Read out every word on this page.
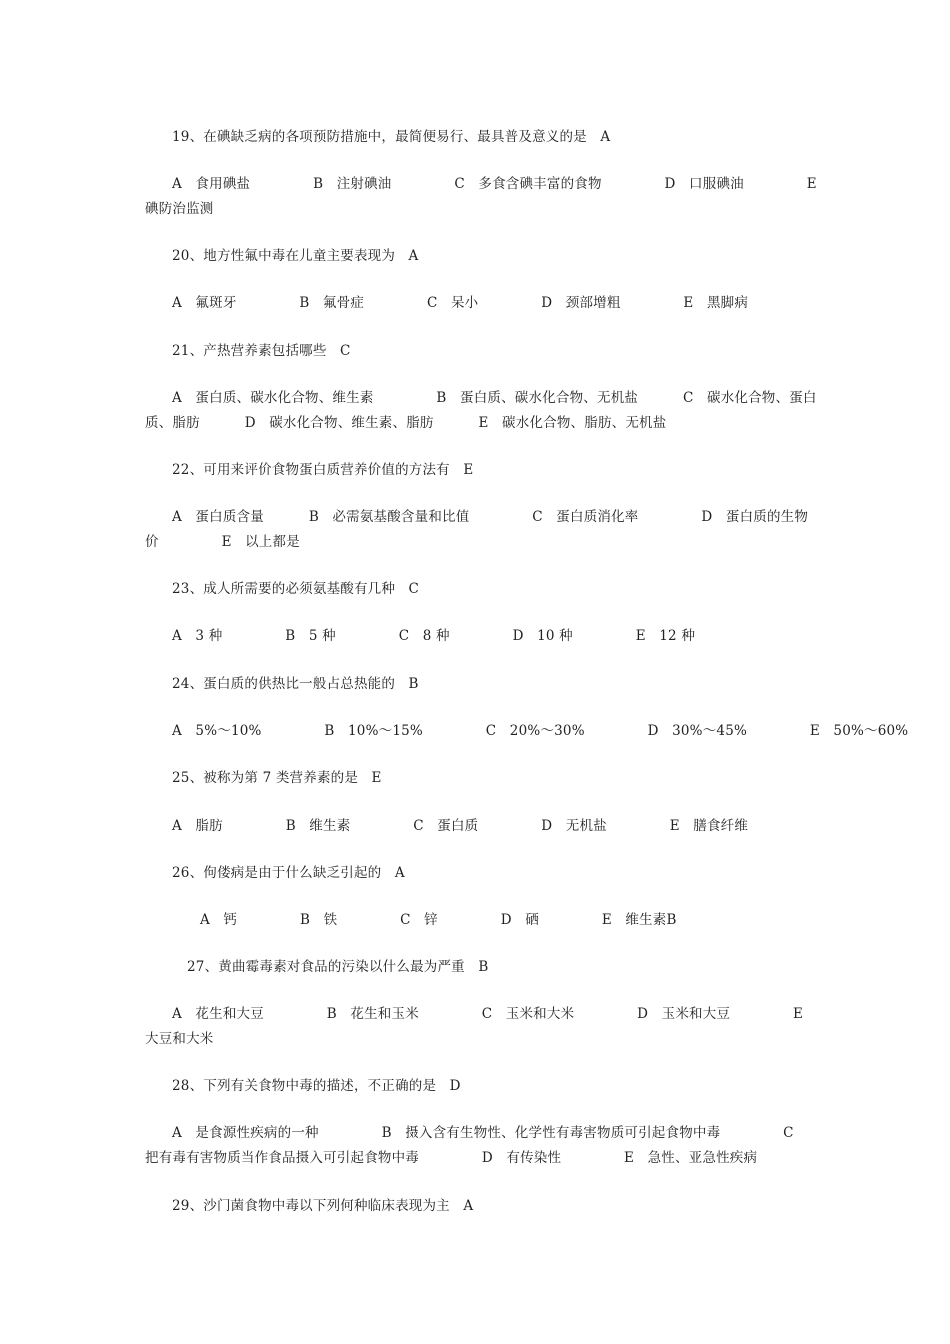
19、在碘缺乏病的各项预防措施中，最简便易行、最具普及意义的是   A
A   食用碘盐              B   注射碘油              C   多食含碘丰富的食物              D   口服碘油              E
碘防治监测
20、地方性氟中毒在儿童主要表现为   A
A   氟斑牙              B   氟骨症              C   呆小              D   颈部增粗              E   黑脚病
21、产热营养素包括哪些   C
A   蛋白质、碳水化合物、维生素              B   蛋白质、碳水化合物、无机盐          C   碳水化合物、蛋白
质、脂肪          D   碳水化合物、维生素、脂肪          E   碳水化合物、脂肪、无机盐
22、可用来评价食物蛋白质营养价值的方法有   E
A   蛋白质含量          B   必需氨基酸含量和比值              C   蛋白质消化率              D   蛋白质的生物
价              E   以上都是
23、成人所需要的必须氨基酸有几种   C
A   3 种              B   5 种              C   8 种              D   10 种              E   12 种
24、蛋白质的供热比一般占总热能的   B
A   5%～10%              B   10%～15%              C   20%～30%              D   30%～45%              E   50%～60%
25、被称为第 7 类营养素的是   E
A   脂肪              B   维生素              C   蛋白质              D   无机盐              E   膳食纤维
26、佝偻病是由于什么缺乏引起的   A
A   钙              B   铁              C   锌              D   硒              E   维生素B
27、黄曲霉毒素对食品的污染以什么最为严重   B
A   花生和大豆              B   花生和玉米              C   玉米和大米              D   玉米和大豆              E
大豆和大米
28、下列有关食物中毒的描述，不正确的是   D
A   是食源性疾病的一种              B   摄入含有生物性、化学性有毒害物质可引起食物中毒              C
把有毒有害物质当作食品摄入可引起食物中毒              D   有传染性              E   急性、亚急性疾病
29、沙门菌食物中毒以下列何种临床表现为主   A
